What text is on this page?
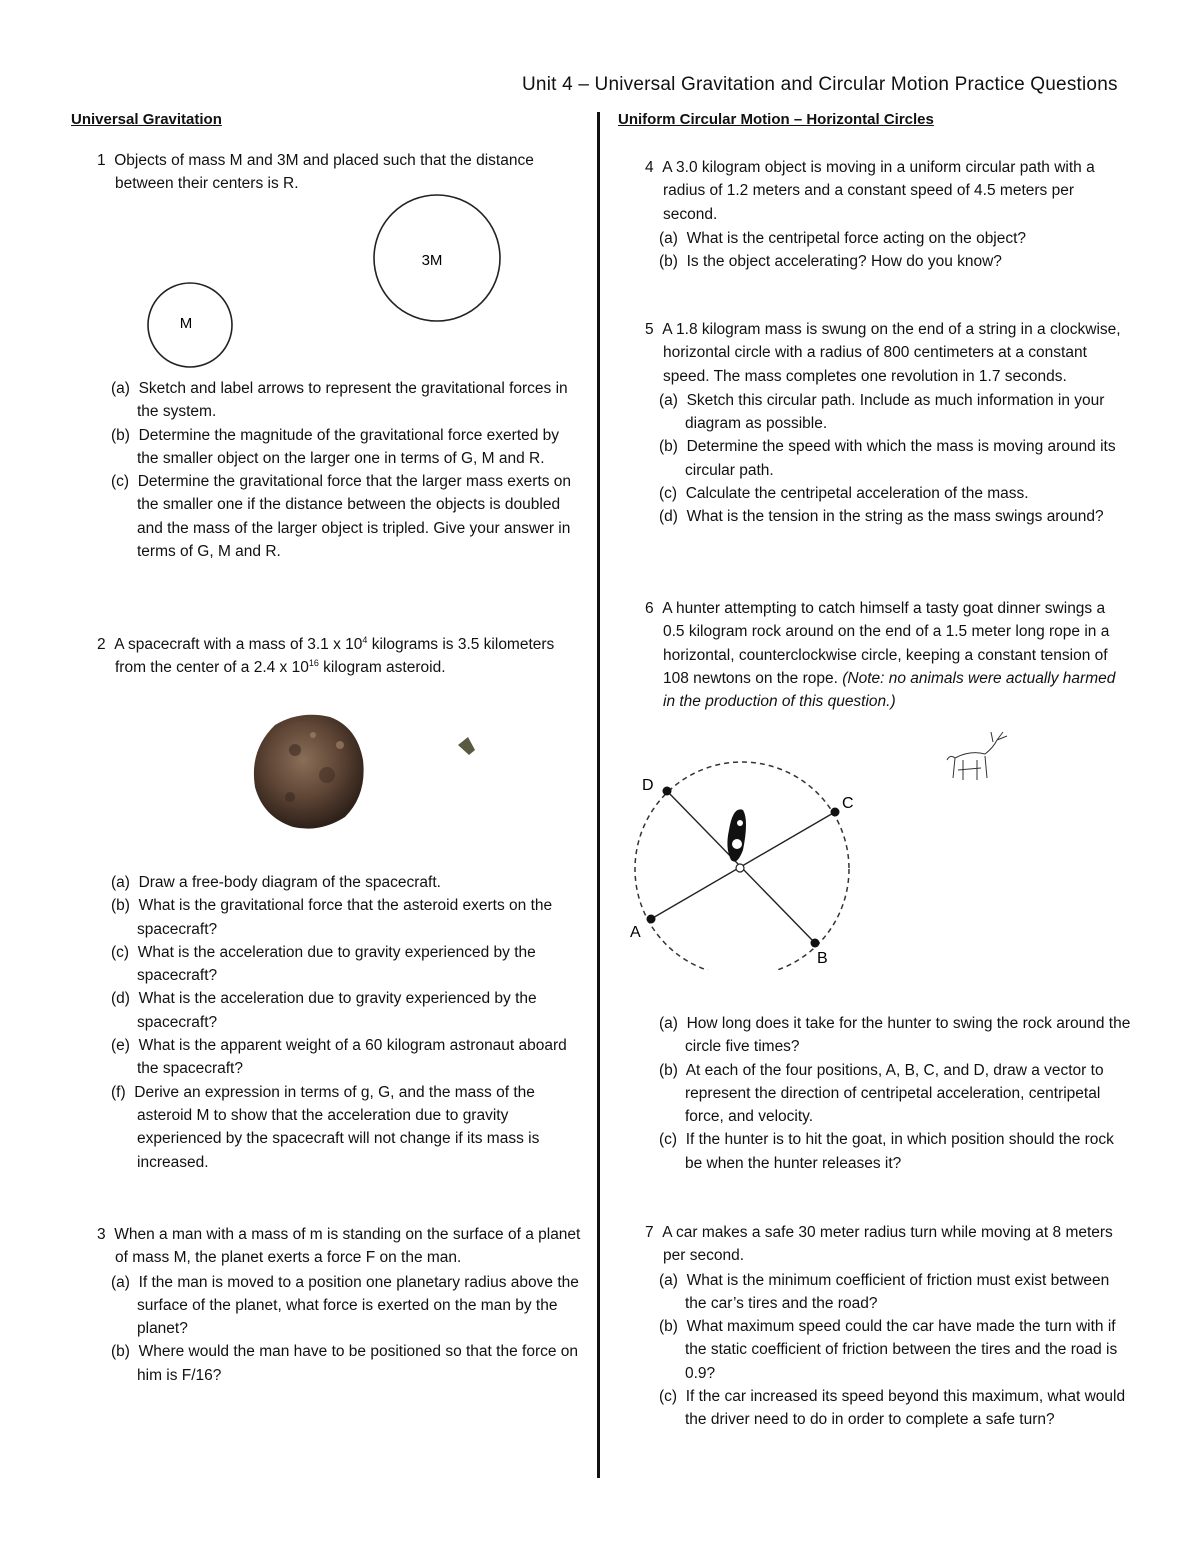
Unit 4 – Universal Gravitation and Circular Motion Practice Questions
Universal Gravitation

1 Objects of mass M and 3M and placed such that the distance between their centers is R.

3M
M

(a) Sketch and label arrows to represent the gravitational forces in the system.

(b) Determine the magnitude of the gravitational force exerted by the smaller object on the larger one in terms of G, M and R.

(c) Determine the gravitational force that the larger mass exerts on the smaller one if the distance between the objects is doubled and the mass of the larger object is tripled. Give your answer in terms of G, M and R.

2 A spacecraft with a mass of 3.1 x $10^4$ kilograms is 3.5 kilometers from the center of a 2.4 x $10^{16}$ kilogram asteroid.

(a) Draw a free-body diagram of the spacecraft.

(b) What is the gravitational force that the asteroid exerts on the spacecraft?

(c) What is the acceleration due to gravity experienced by the spacecraft?

(d) What is the acceleration due to gravity experienced by the spacecraft?

(e)  What is the apparent weight of a 60 kilogram astronaut aboard the spacecraft?

(f) Derive an expression in terms of g, G, and the mass of the asteroid M to show that the acceleration due to gravity experienced by the spacecraft will not change if its mass is increased.

3 When a man with a mass of m is standing on the surface of a planet of mass M, the planet exerts a force F on the man.

(a) If the man is moved to a position one planetary radius above the surface of the planet, what force is exerted on the man by the planet?

(b) Where would the man have to be positioned so that the force on him is F/16?

Uniform Circular Motion – Horizontal Circles

4 A 3.0 kilogram object is moving in a uniform circular path with a radius of 1.2 meters and a constant speed of 4.5 meters per second.

(a) What is the centripetal force acting on the object?

(b) Is the object accelerating? How do you know?

5 A 1.8 kilogram mass is swung on the end of a string in a clockwise, horizontal circle with a radius of 800 centimeters at a constant speed. The mass completes one revolution in 1.7 seconds.

(a) Sketch this circular path. Include as much information in your diagram as possible.

(b) Determine the speed with which the mass is moving around its circular path.

(c) Calculate the centripetal acceleration of the mass.

(d) What is the tension in the string as the mass swings around?

6 A hunter attempting to catch himself a tasty goat dinner swings a 0.5 kilogram rock around on the end of a 1.5 meter long rope in a horizontal, counterclockwise circle, keeping a constant tension of 108 newtons on the rope. (Note: no animals were actually harmed in the production of this question.)

A
B
C
D

(a) How long does it take for the hunter to swing the rock around the circle five times?

(b) At each of the four positions, A, B, C, and D, draw a vector to represent the direction of centripetal acceleration, centripetal force, and velocity.

(c) If the hunter is to hit the goat, in which position should the rock be when the hunter releases it?

7 A car makes a safe 30 meter radius turn while moving at 8 meters per second.

(a) What is the minimum coefficient of friction must exist between the car’s tires and the road?

(b) What maximum speed could the car have made the turn with if the static coefficient of friction between the tires and the road is 0.9?

(c) If the car increased its speed beyond this maximum, what would the driver need to do in order to complete a safe turn?
